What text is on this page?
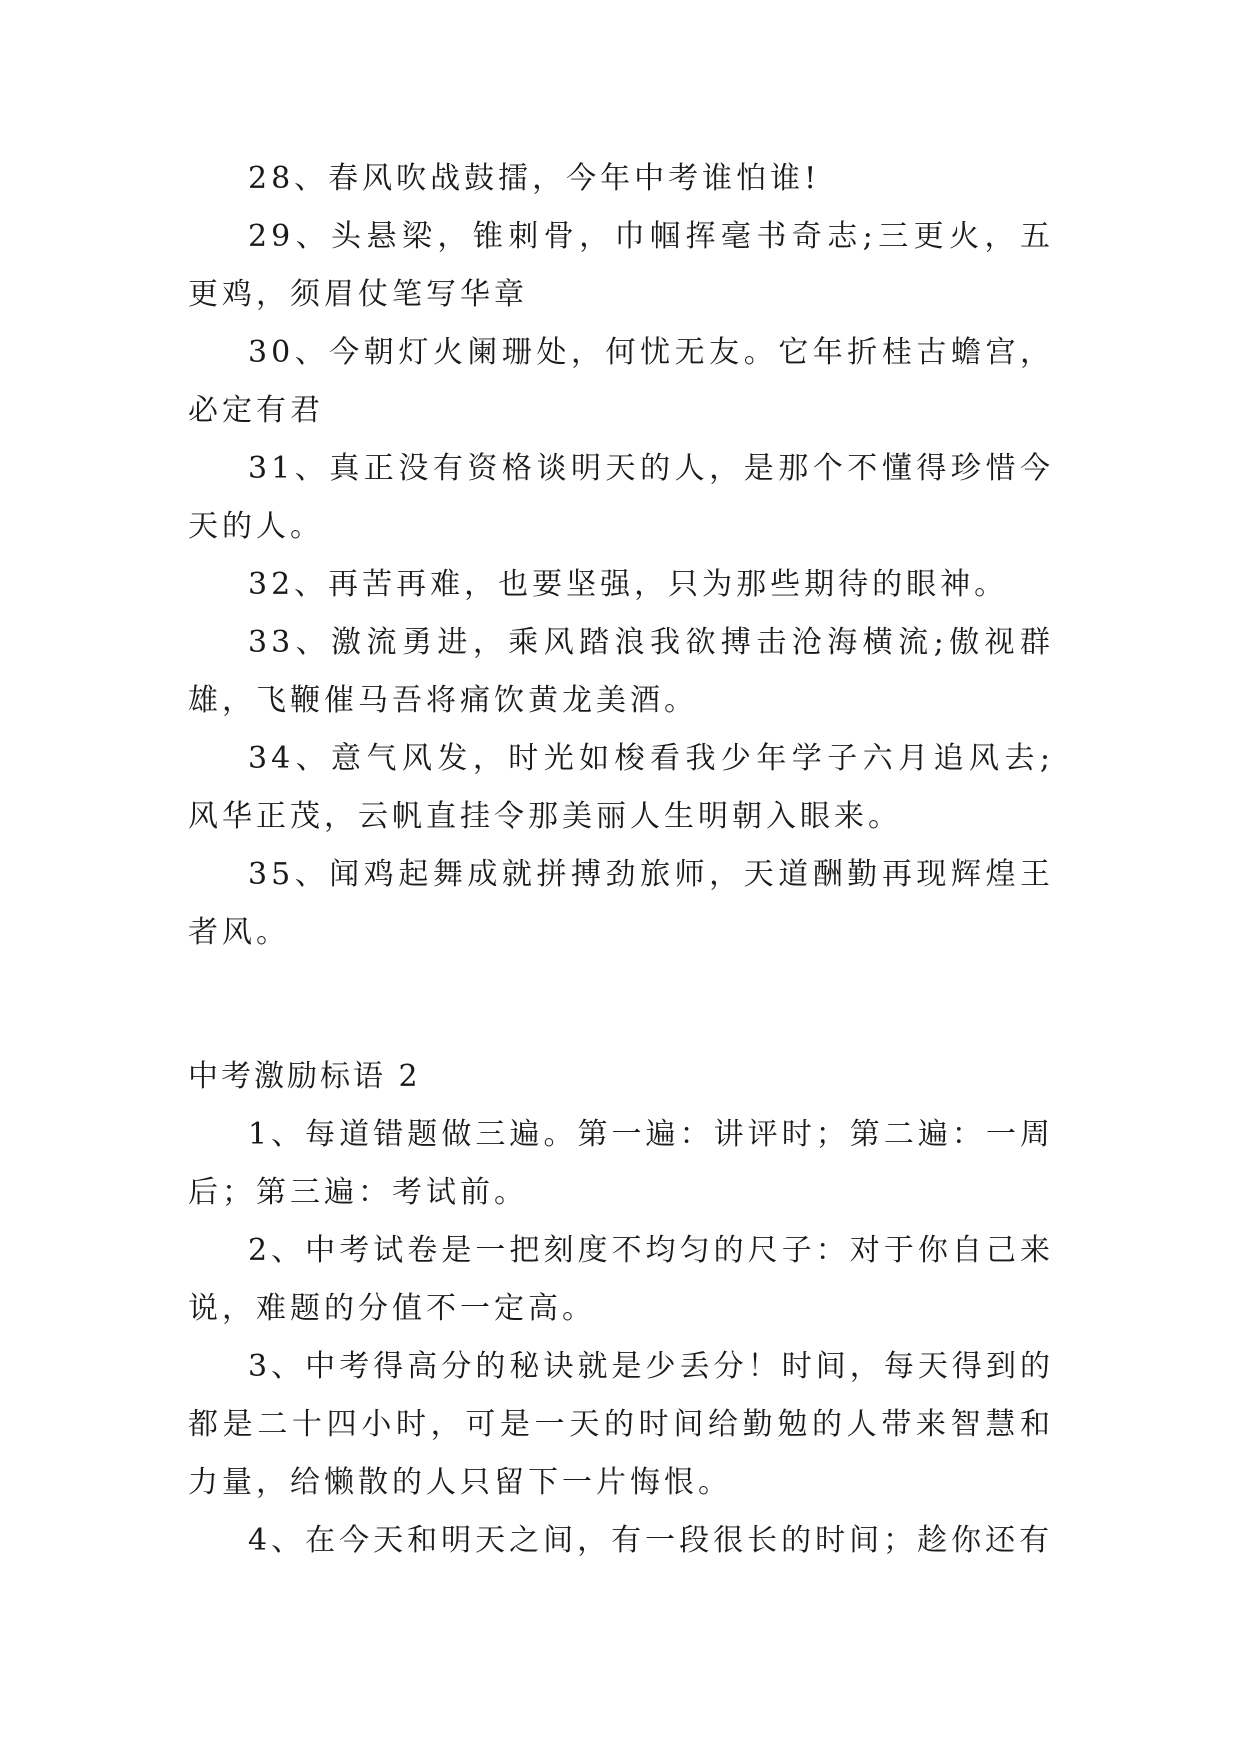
28、春风吹战鼓擂，今年中考谁怕谁!

29、头悬梁，锥刺骨，巾帼挥毫书奇志;三更火，五更鸡，须眉仗笔写华章

30、今朝灯火阑珊处，何忧无友。它年折桂古蟾宫，必定有君

31、真正没有资格谈明天的人，是那个不懂得珍惜今天的人。

32、再苦再难，也要坚强，只为那些期待的眼神。

33、激流勇进，乘风踏浪我欲搏击沧海横流;傲视群雄，飞鞭催马吾将痛饮黄龙美酒。

34、意气风发，时光如梭看我少年学子六月追风去;风华正茂，云帆直挂令那美丽人生明朝入眼来。

35、闻鸡起舞成就拼搏劲旅师，天道酬勤再现辉煌王者风。

中考激励标语 2

1、每道错题做三遍。第一遍：讲评时；第二遍：一周后；第三遍：考试前。

2、中考试卷是一把刻度不均匀的尺子：对于你自己来说，难题的分值不一定高。

3、中考得高分的秘诀就是少丢分！时间，每天得到的都是二十四小时，可是一天的时间给勤勉的人带来智慧和力量，给懒散的人只留下一片悔恨。

4、在今天和明天之间，有一段很长的时间；趁你还有
